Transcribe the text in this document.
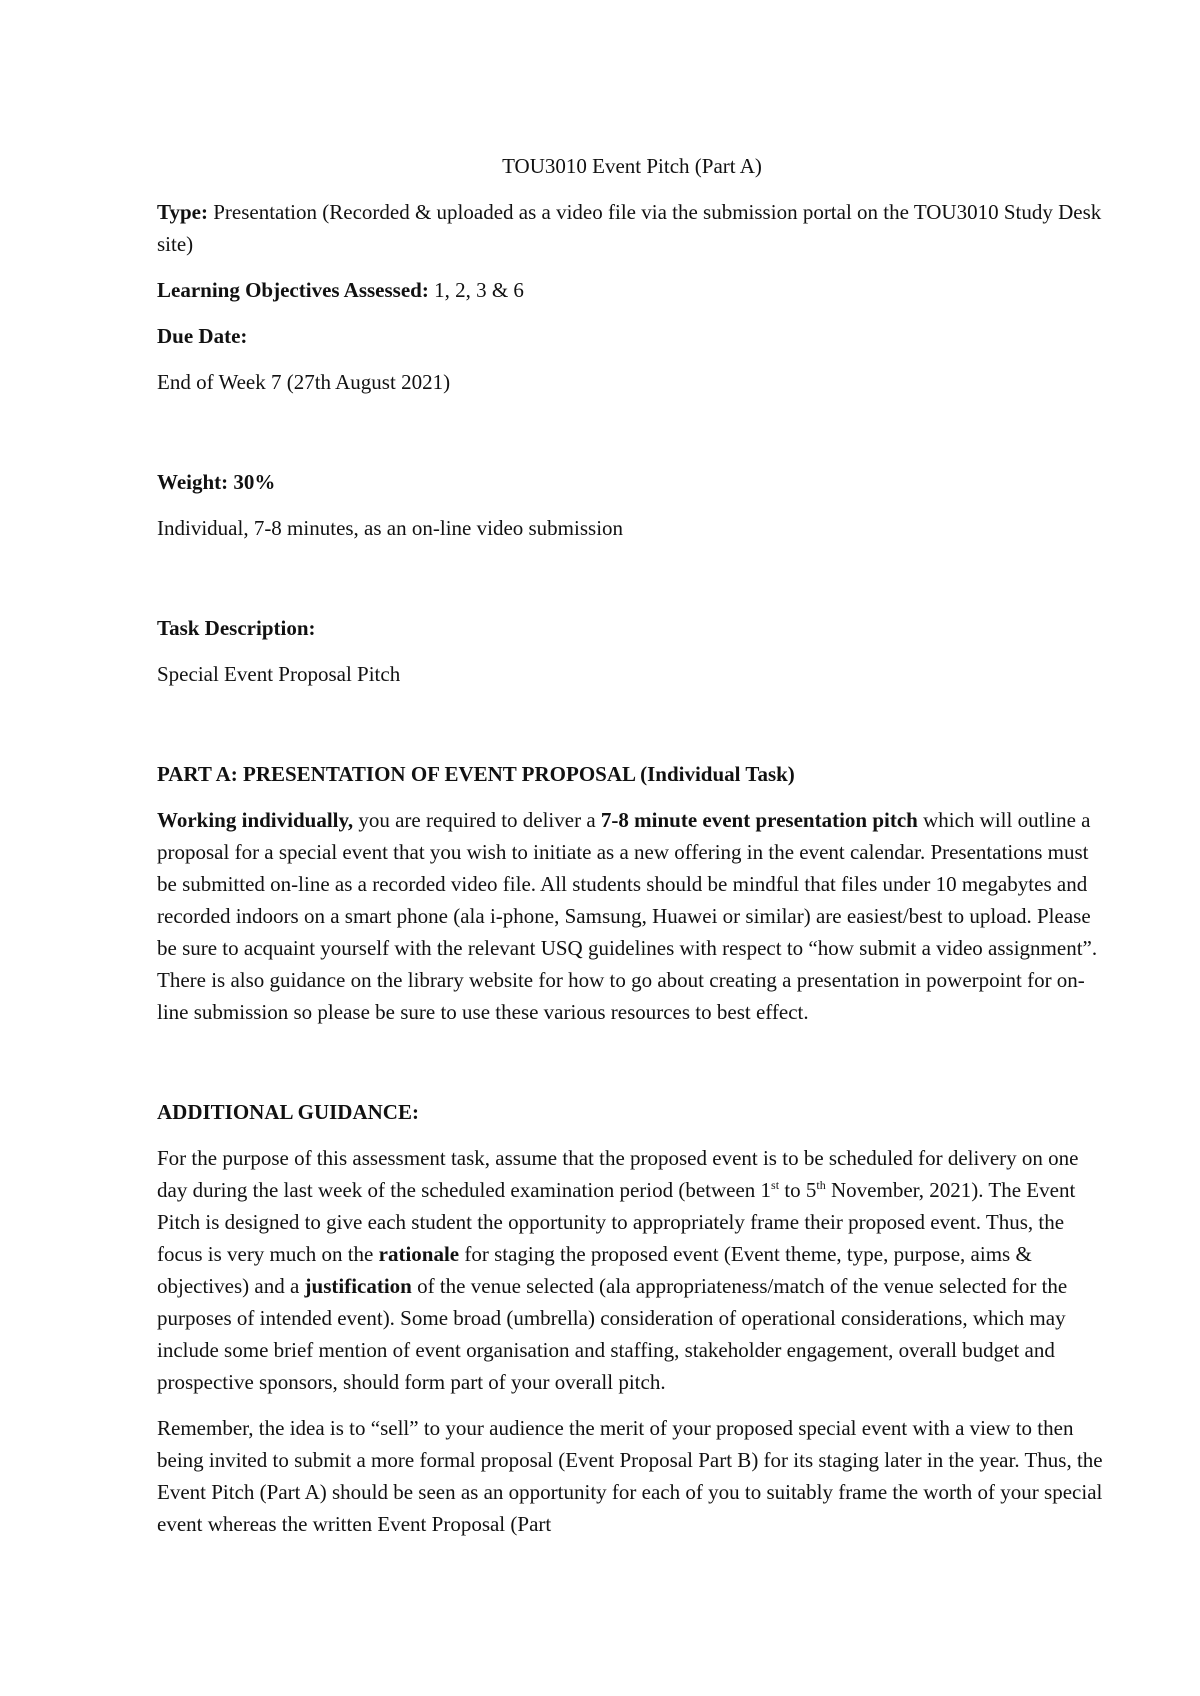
TOU3010 Event Pitch (Part A)

Type: Presentation (Recorded & uploaded as a video file via the submission portal on the TOU3010 Study Desk site)

Learning Objectives Assessed: 1, 2, 3 & 6

Due Date:

End of Week 7 (27th August 2021)

Weight: 30%

Individual, 7-8 minutes, as an on-line video submission

Task Description:

Special Event Proposal Pitch

PART A: PRESENTATION OF EVENT PROPOSAL (Individual Task)

Working individually, you are required to deliver a 7-8 minute event presentation pitch which will outline a proposal for a special event that you wish to initiate as a new offering in the event calendar. Presentations must be submitted on-line as a recorded video file. All students should be mindful that files under 10 megabytes and recorded indoors on a smart phone (ala i-phone, Samsung, Huawei or similar) are easiest/best to upload. Please be sure to acquaint yourself with the relevant USQ guidelines with respect to “how submit a video assignment”. There is also guidance on the library website for how to go about creating a presentation in powerpoint for on-line submission so please be sure to use these various resources to best effect.

ADDITIONAL GUIDANCE:

For the purpose of this assessment task, assume that the proposed event is to be scheduled for delivery on one day during the last week of the scheduled examination period (between 1st to 5th November, 2021). The Event Pitch is designed to give each student the opportunity to appropriately frame their proposed event. Thus, the focus is very much on the rationale for staging the proposed event (Event theme, type, purpose, aims & objectives) and a justification of the venue selected (ala appropriateness/match of the venue selected for the purposes of intended event). Some broad (umbrella) consideration of operational considerations, which may include some brief mention of event organisation and staffing, stakeholder engagement, overall budget and prospective sponsors, should form part of your overall pitch.

Remember, the idea is to “sell” to your audience the merit of your proposed special event with a view to then being invited to submit a more formal proposal (Event Proposal Part B) for its staging later in the year. Thus, the Event Pitch (Part A) should be seen as an opportunity for each of you to suitably frame the worth of your special event whereas the written Event Proposal (Part
